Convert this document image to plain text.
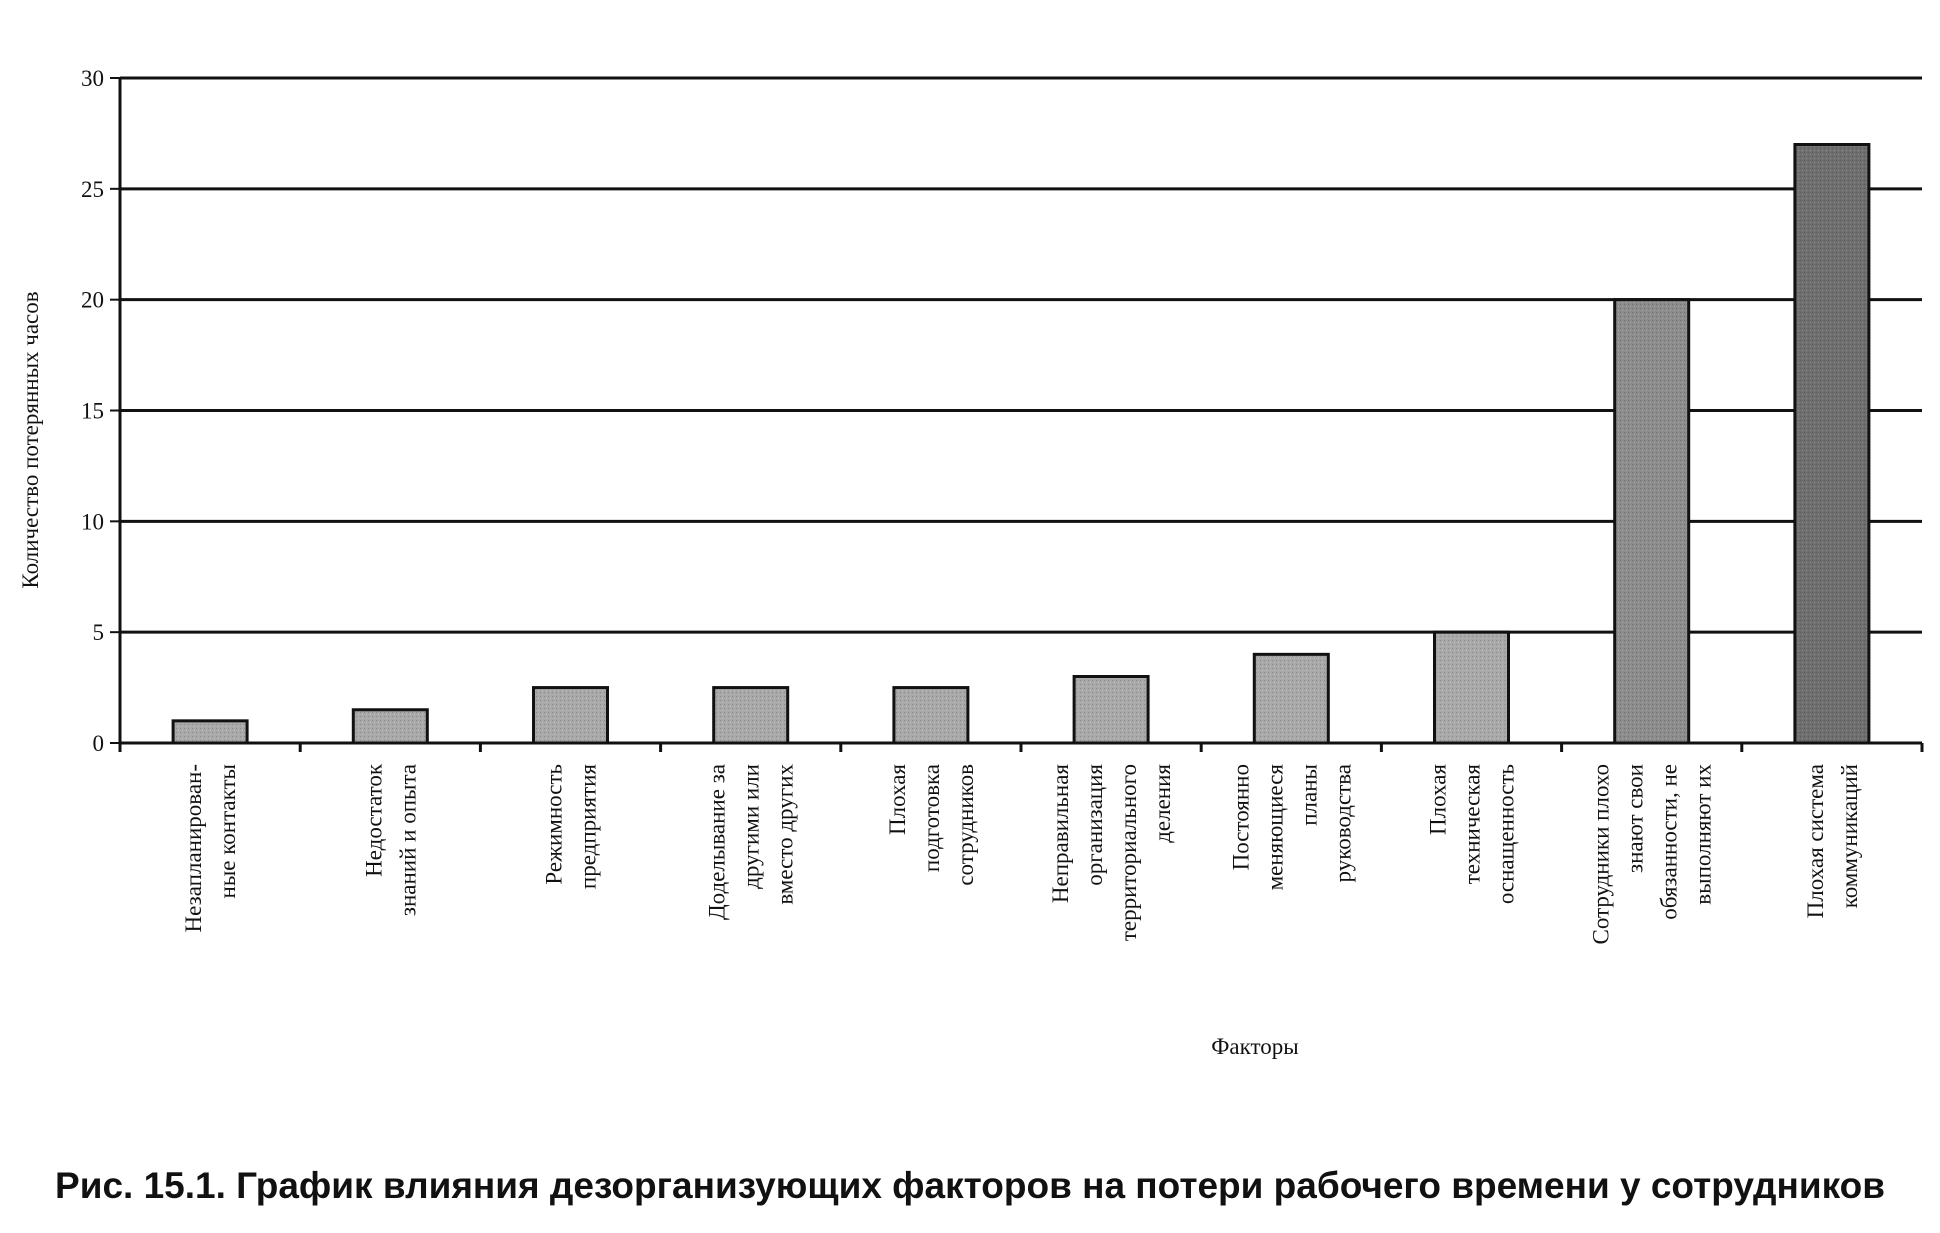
0
5
10
15
20
25
30
Незапланирован- ные контакты	Недостаток знаний и опыта	Режимность предприятия	Доделывание за другими или вместо других	Плохая подготовка сотрудников	Неправильная организация территориального деления Постоянно меняющиеся планы руководства	Плохая техническая оснащенность	Сотрудники плохо знают свои обязанности, не выполняют их	Плохая система коммуникаций
Количество потерянных часов
Факторы
Рис. 15.1. График влияния дезорганизующих факторов на потери рабочего времени у сотрудников
